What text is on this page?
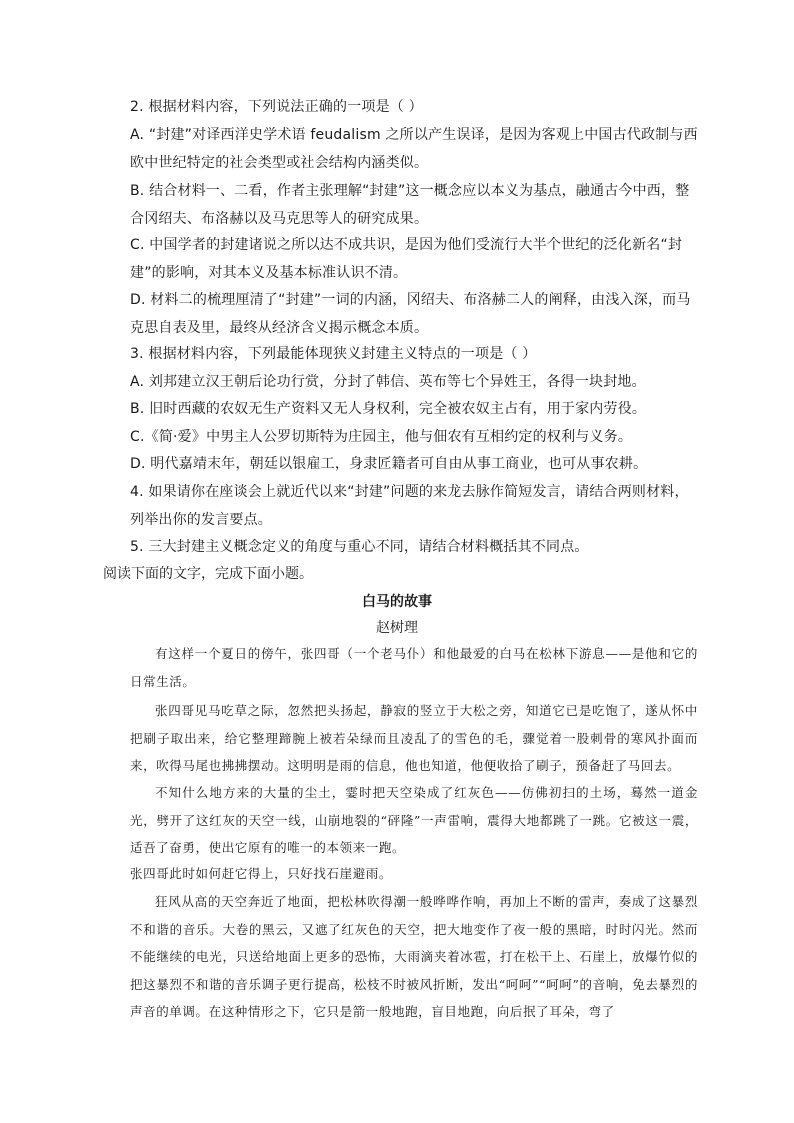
2. 根据材料内容，下列说法正确的一项是（ ）
A. “封建”对译西洋史学术语 feudalism 之所以产生误译，是因为客观上中国古代政制与西欧中世纪特定的社会类型或社会结构内涵类似。
B. 结合材料一、二看，作者主张理解“封建”这一概念应以本义为基点，融通古今中西，整合冈绍夫、布洛赫以及马克思等人的研究成果。
C. 中国学者的封建诸说之所以达不成共识，是因为他们受流行大半个世纪的泛化新名“封建”的影响，对其本义及基本标准认识不清。
D. 材料二的梳理厘清了“封建”一词的内涵，冈绍夫、布洛赫二人的阐释，由浅入深，而马克思自表及里，最终从经济含义揭示概念本质。
3. 根据材料内容，下列最能体现狭义封建主义特点的一项是（ ）
A. 刘邦建立汉王朝后论功行赏，分封了韩信、英布等七个异姓王，各得一块封地。
B. 旧时西藏的农奴无生产资料又无人身权利，完全被农奴主占有，用于家内劳役。
C.《简·爱》中男主人公罗切斯特为庄园主，他与佃农有互相约定的权利与义务。
D. 明代嘉靖末年，朝廷以银雇工，身隶匠籍者可自由从事工商业，也可从事农耕。
4. 如果请你在座谈会上就近代以来“封建”问题的来龙去脉作简短发言，请结合两则材料，列举出你的发言要点。
5. 三大封建主义概念定义的角度与重心不同，请结合材料概括其不同点。
阅读下面的文字，完成下面小题。
白马的故事
赵树理

有这样一个夏日的傍午，张四哥（一个老马仆）和他最爱的白马在松林下游息——是他和它的日常生活。

张四哥见马吃草之际，忽然把头扬起，静寂的竖立于大松之旁，知道它已是吃饱了，遂从怀中把刷子取出来，给它整理蹄腕上被若朵绿而且凌乱了的雪色的毛，骤觉着一股刺骨的寒风扑面而来，吹得马尾也拂拂摆动。这明明是雨的信息，他也知道，他便收拾了刷子，预备赶了马回去。

不知什么地方来的大量的尘土，霎时把天空染成了红灰色——仿佛初扫的土场，蓦然一道金光，劈开了这红灰的天空一线，山崩地裂的“砰隆”一声雷响，震得大地都跳了一跳。它被这一震，适吾了奋勇，使出它原有的唯一的本领来一跑。

张四哥此时如何赶它得上，只好找石崖避雨。

狂风从高的天空奔近了地面，把松林吹得潮一般哗哗作响，再加上不断的雷声，奏成了这暴烈不和谐的音乐。大卷的黑云，又遮了红灰色的天空，把大地变作了夜一般的黑暗，时时闪光。然而不能继续的电光，只送给地面上更多的恐怖，大雨滴夹着冰雹，打在松干上、石崖上，放爆竹似的把这暴烈不和谐的音乐调子更行提高，松枝不时被风折断，发出“呵呵”“呵呵”的音响，免去暴烈的声音的单调。在这种情形之下，它只是箭一般地跑，盲目地跑，向后抿了耳朵，弯了
